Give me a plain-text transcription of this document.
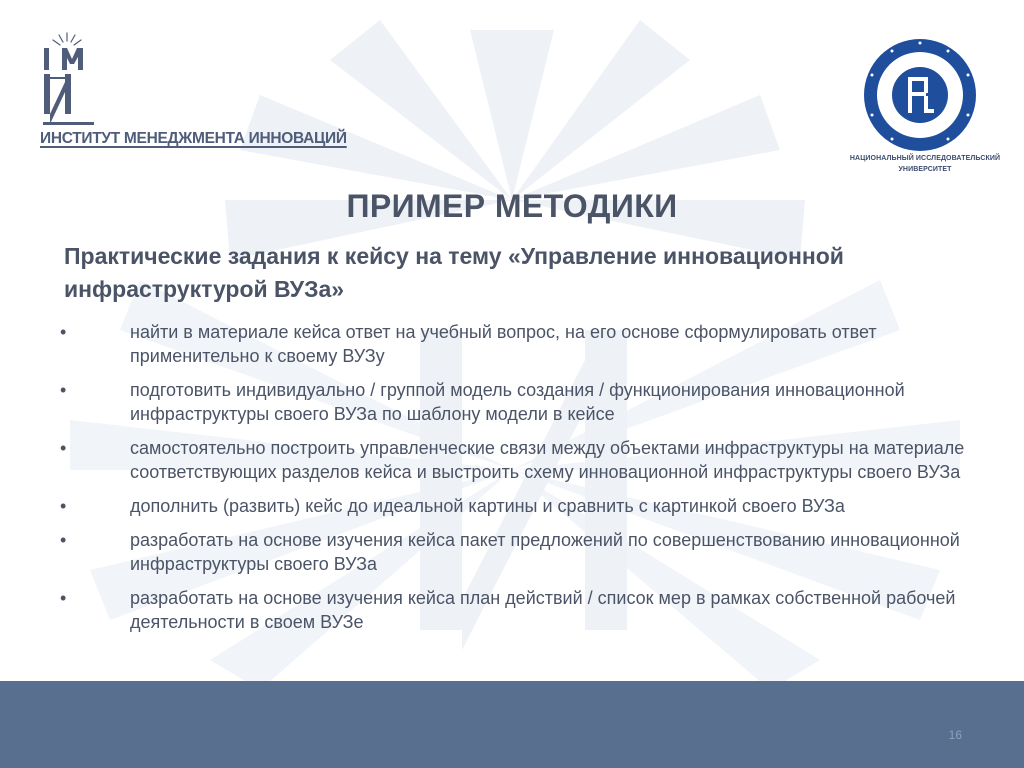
ИНСТИТУТ МЕНЕДЖМЕНТА ИННОВАЦИЙ
НАЦИОНАЛЬНЫЙ ИССЛЕДОВАТЕЛЬСКИЙ
УНИВЕРСИТЕТ
ПРИМЕР МЕТОДИКИ
Практические задания к кейсу на тему «Управление инновационной инфраструктурой ВУЗа»
•	найти в материале кейса ответ на учебный вопрос, на его основе сформулировать ответ применительно к своему ВУЗу
•	подготовить индивидуально / группой модель создания / функционирования инновационной инфраструктуры своего ВУЗа по шаблону модели в кейсе
•	самостоятельно построить управленческие связи между объектами инфраструктуры на материале соответствующих разделов кейса и выстроить схему инновационной инфраструктуры своего ВУЗа
•	дополнить (развить) кейс до идеальной картины и сравнить с картинкой своего ВУЗа
•	разработать на основе изучения кейса пакет предложений по совершенствованию инновационной инфраструктуры своего ВУЗа
•	разработать на основе изучения кейса план действий / список мер в рамках собственной рабочей деятельности в своем ВУЗе
16
